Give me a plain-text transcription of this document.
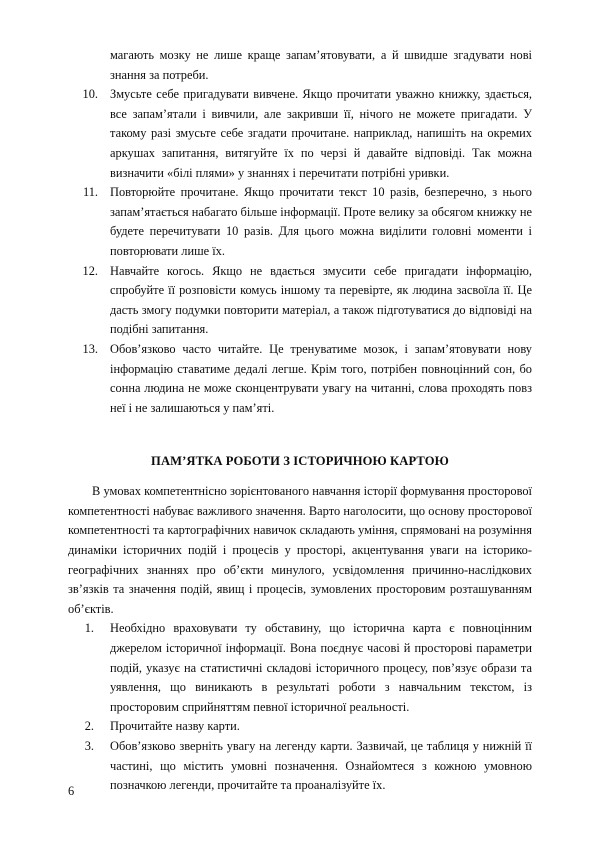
магають мозку не лише краще запам’ятовувати, а й швидше згадувати нові знання за потреби.

10. Змусьте себе пригадувати вивчене. Якщо прочитати уважно книжку, здається, все запам’ятали і вивчили, але закривши її, нічого не можете пригадати. У такому разі змусьте себе згадати прочитане. наприклад, напишіть на окремих аркушах запитання, витягуйте їх по черзі й давайте відповіді. Так можна визначити «білі плями» у знаннях і перечитати потрібні уривки.
11. Повторюйте прочитане. Якщо прочитати текст 10 разів, безперечно, з нього запам’ятається набагато більше інформації. Проте велику за обсягом книжку не будете перечитувати 10 разів. Для цього можна виділити головні моменти і повторювати лише їх.
12. Навчайте когось. Якщо не вдається змусити себе пригадати інформацію, спробуйте її розповісти комусь іншому та перевірте, як людина засвоїла її. Це дасть змогу подумки повторити матеріал, а також підготуватися до відповіді на подібні запитання.
13. Обов’язково часто читайте. Це тренуватиме мозок, і запам’ятовувати нову інформацію ставатиме дедалі легше. Крім того, потрібен повноцінний сон, бо сонна людина не може сконцентрувати увагу на читанні, слова проходять повз неї і не залишаються у пам’яті.
ПАМ’ЯТКА РОБОТИ З ІСТОРИЧНОЮ КАРТОЮ

В умовах компетентнісно зорієнтованого навчання історії формування просторової компетентності набуває важливого значення. Варто наголосити, що основу просторової компетентності та картографічних навичок складають уміння, спрямовані на розуміння динаміки історичних подій і процесів у просторі, акцентування уваги на історико-географічних знаннях про об’єкти минулого, усвідомлення причинно-наслідкових зв’язків та значення подій, явищ і процесів, зумовлених просторовим розташуванням об’єктів.

1. Необхідно враховувати ту обставину, що історична карта є повноцінним джерелом історичної інформації. Вона поєднує часові й просторові параметри подій, указує на статистичні складові історичного процесу, пов’язує образи та уявлення, що виникають в результаті роботи з навчальним текстом, із просторовим сприйняттям певної історичної реальності.
2. Прочитайте назву карти.
3. Обов’язково зверніть увагу на легенду карти. Зазвичай, це таблиця у нижній її частині, що містить умовні позначення. Ознайомтеся з кожною умовною позначкою легенди, прочитайте та проаналізуйте їх.
6
